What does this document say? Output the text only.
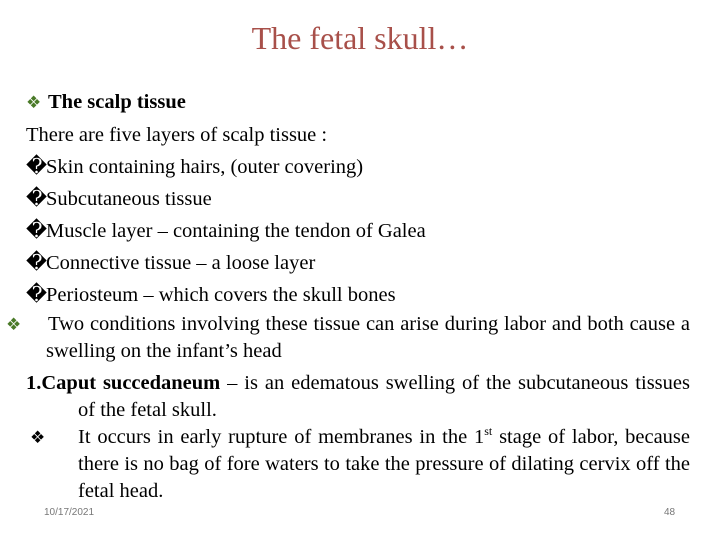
The fetal skull…
❖ The scalp tissue
There are five layers of scalp tissue :
�Skin containing hairs, (outer covering)
�Subcutaneous tissue
�Muscle layer – containing the tendon of Galea
�Connective tissue – a loose layer
�Periosteum – which covers the skull bones
❖ Two conditions involving these tissue can arise during labor and both cause a swelling on the infant’s head
1.Caput succedaneum – is an edematous swelling of the subcutaneous tissues of the fetal skull.
❖ It occurs in early rupture of membranes in the 1st stage of labor, because there is no bag of fore waters to take the pressure of dilating cervix off the fetal head.
10/17/2021	48
